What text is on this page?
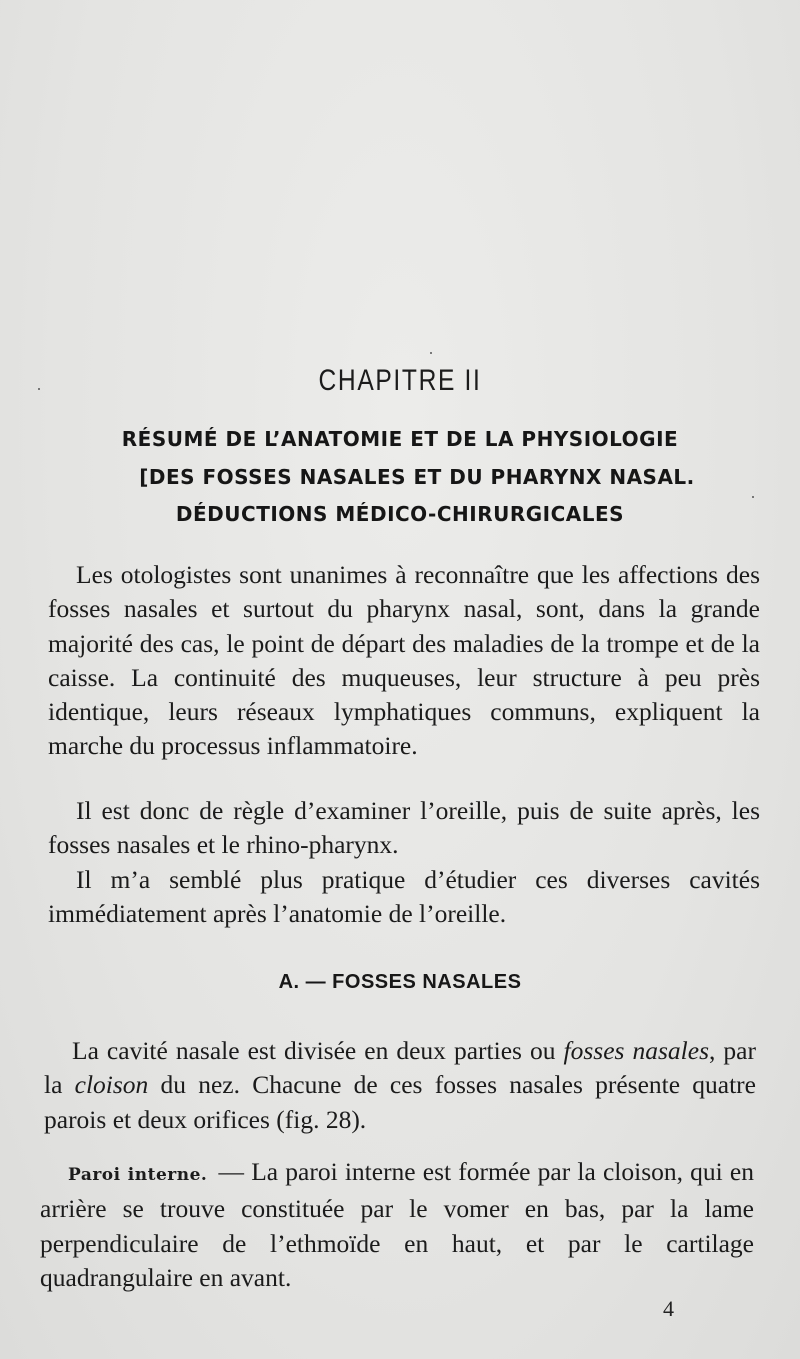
CHAPITRE II
RÉSUMÉ DE L’ANATOMIE ET DE LA PHYSIOLOGIE
[DES FOSSES NASALES ET DU PHARYNX NASAL.
DÉDUCTIONS MÉDICO-CHIRURGICALES

Les otologistes sont unanimes à reconnaître que les affections des fosses nasales et surtout du pharynx nasal, sont, dans la grande majorité des cas, le point de départ des maladies de la trompe et de la caisse. La continuité des muqueuses, leur structure à peu près identique, leurs réseaux lymphatiques communs, expliquent la marche du processus inflammatoire.

Il est donc de règle d’examiner l’oreille, puis de suite après, les fosses nasales et le rhino-pharynx.

Il m’a semblé plus pratique d’étudier ces diverses cavités immédiatement après l’anatomie de l’oreille.

A. — FOSSES NASALES

La cavité nasale est divisée en deux parties ou fosses nasales, par la cloison du nez. Chacune de ces fosses nasales présente quatre parois et deux orifices (fig. 28).

Paroi interne. — La paroi interne est formée par la cloison, qui en arrière se trouve constituée par le vomer en bas, par la lame perpendiculaire de l’ethmoïde en haut, et par le cartilage quadrangulaire en avant.

4
